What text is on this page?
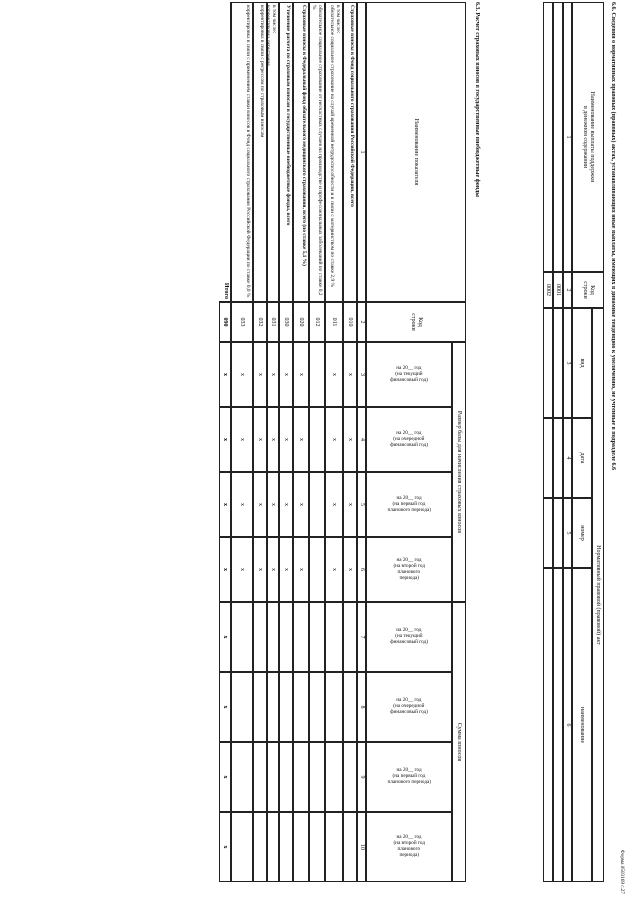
Форма 0503169 с.27
6.6. Сведения о нормативных правовых (правовых) актах, устанавливающих иные выплаты, имеющих в динамике тенденцию к увеличению, не учтенные в подразделе 6.6
Наименование выплаты поддержки
в денежном содержании
Код
строки
Нормативный правовой (правовой) акт
вид
дата
номер
наименование
1
2
3
4
5
6
0001
0002
6.3. Расчет страховых взносов в государственные внебюджетные фонды
Наименование показателя
Код
строки
Размер базы для начисления страховых взносов
Сумма взносов
на 20__ год
(на текущий
финансовый год)
на 20__ год
(на очередной
финансовый год)
на 20__ год
(на первый год
планового периода)
на 20__ год
(на второй год
планового
периода)
на 20__ год
(на текущий
финансовый год)
на 20__ год
(на очередной
финансовый год)
на 20__ год
(на первый год
планового периода)
на 20__ год
(на второй год
планового
периода)
1
2
3
4
5
6
7
8
9
10
Страховые взносы в Фонд социального страхования Российской Федерации, всего
010
x
x
x
x
в том числе:
обязательное социальное страхование на случай временной нетрудоспособности и в связи с материнством по ставке 2,9 %
011
x
x
x
x
обязательное социальное страхование от несчастных случаев на производстве и профессиональных заболеваний по ставке 0,2 %
012
Страховые взносы в Федеральный фонд обязательного медицинского страхования, всего (по ставке 5,1 %)
020
x
x
x
x
Уточнение расчета по страховым взносам в государственные внебюджетные фонды, всего
030
x
x
x
x
в том числе:
корректировка округления
031
x
x
x
x
корректировка в связи с регрессом по страховым взносам
032
x
x
x
x
корректировка в связи с применением ставки взносов в Фонд социального страхования Российской Федерации по ставке 0,0 %
033
x
x
x
x
Итого
090
x
x
x
x
x
x
x
x
